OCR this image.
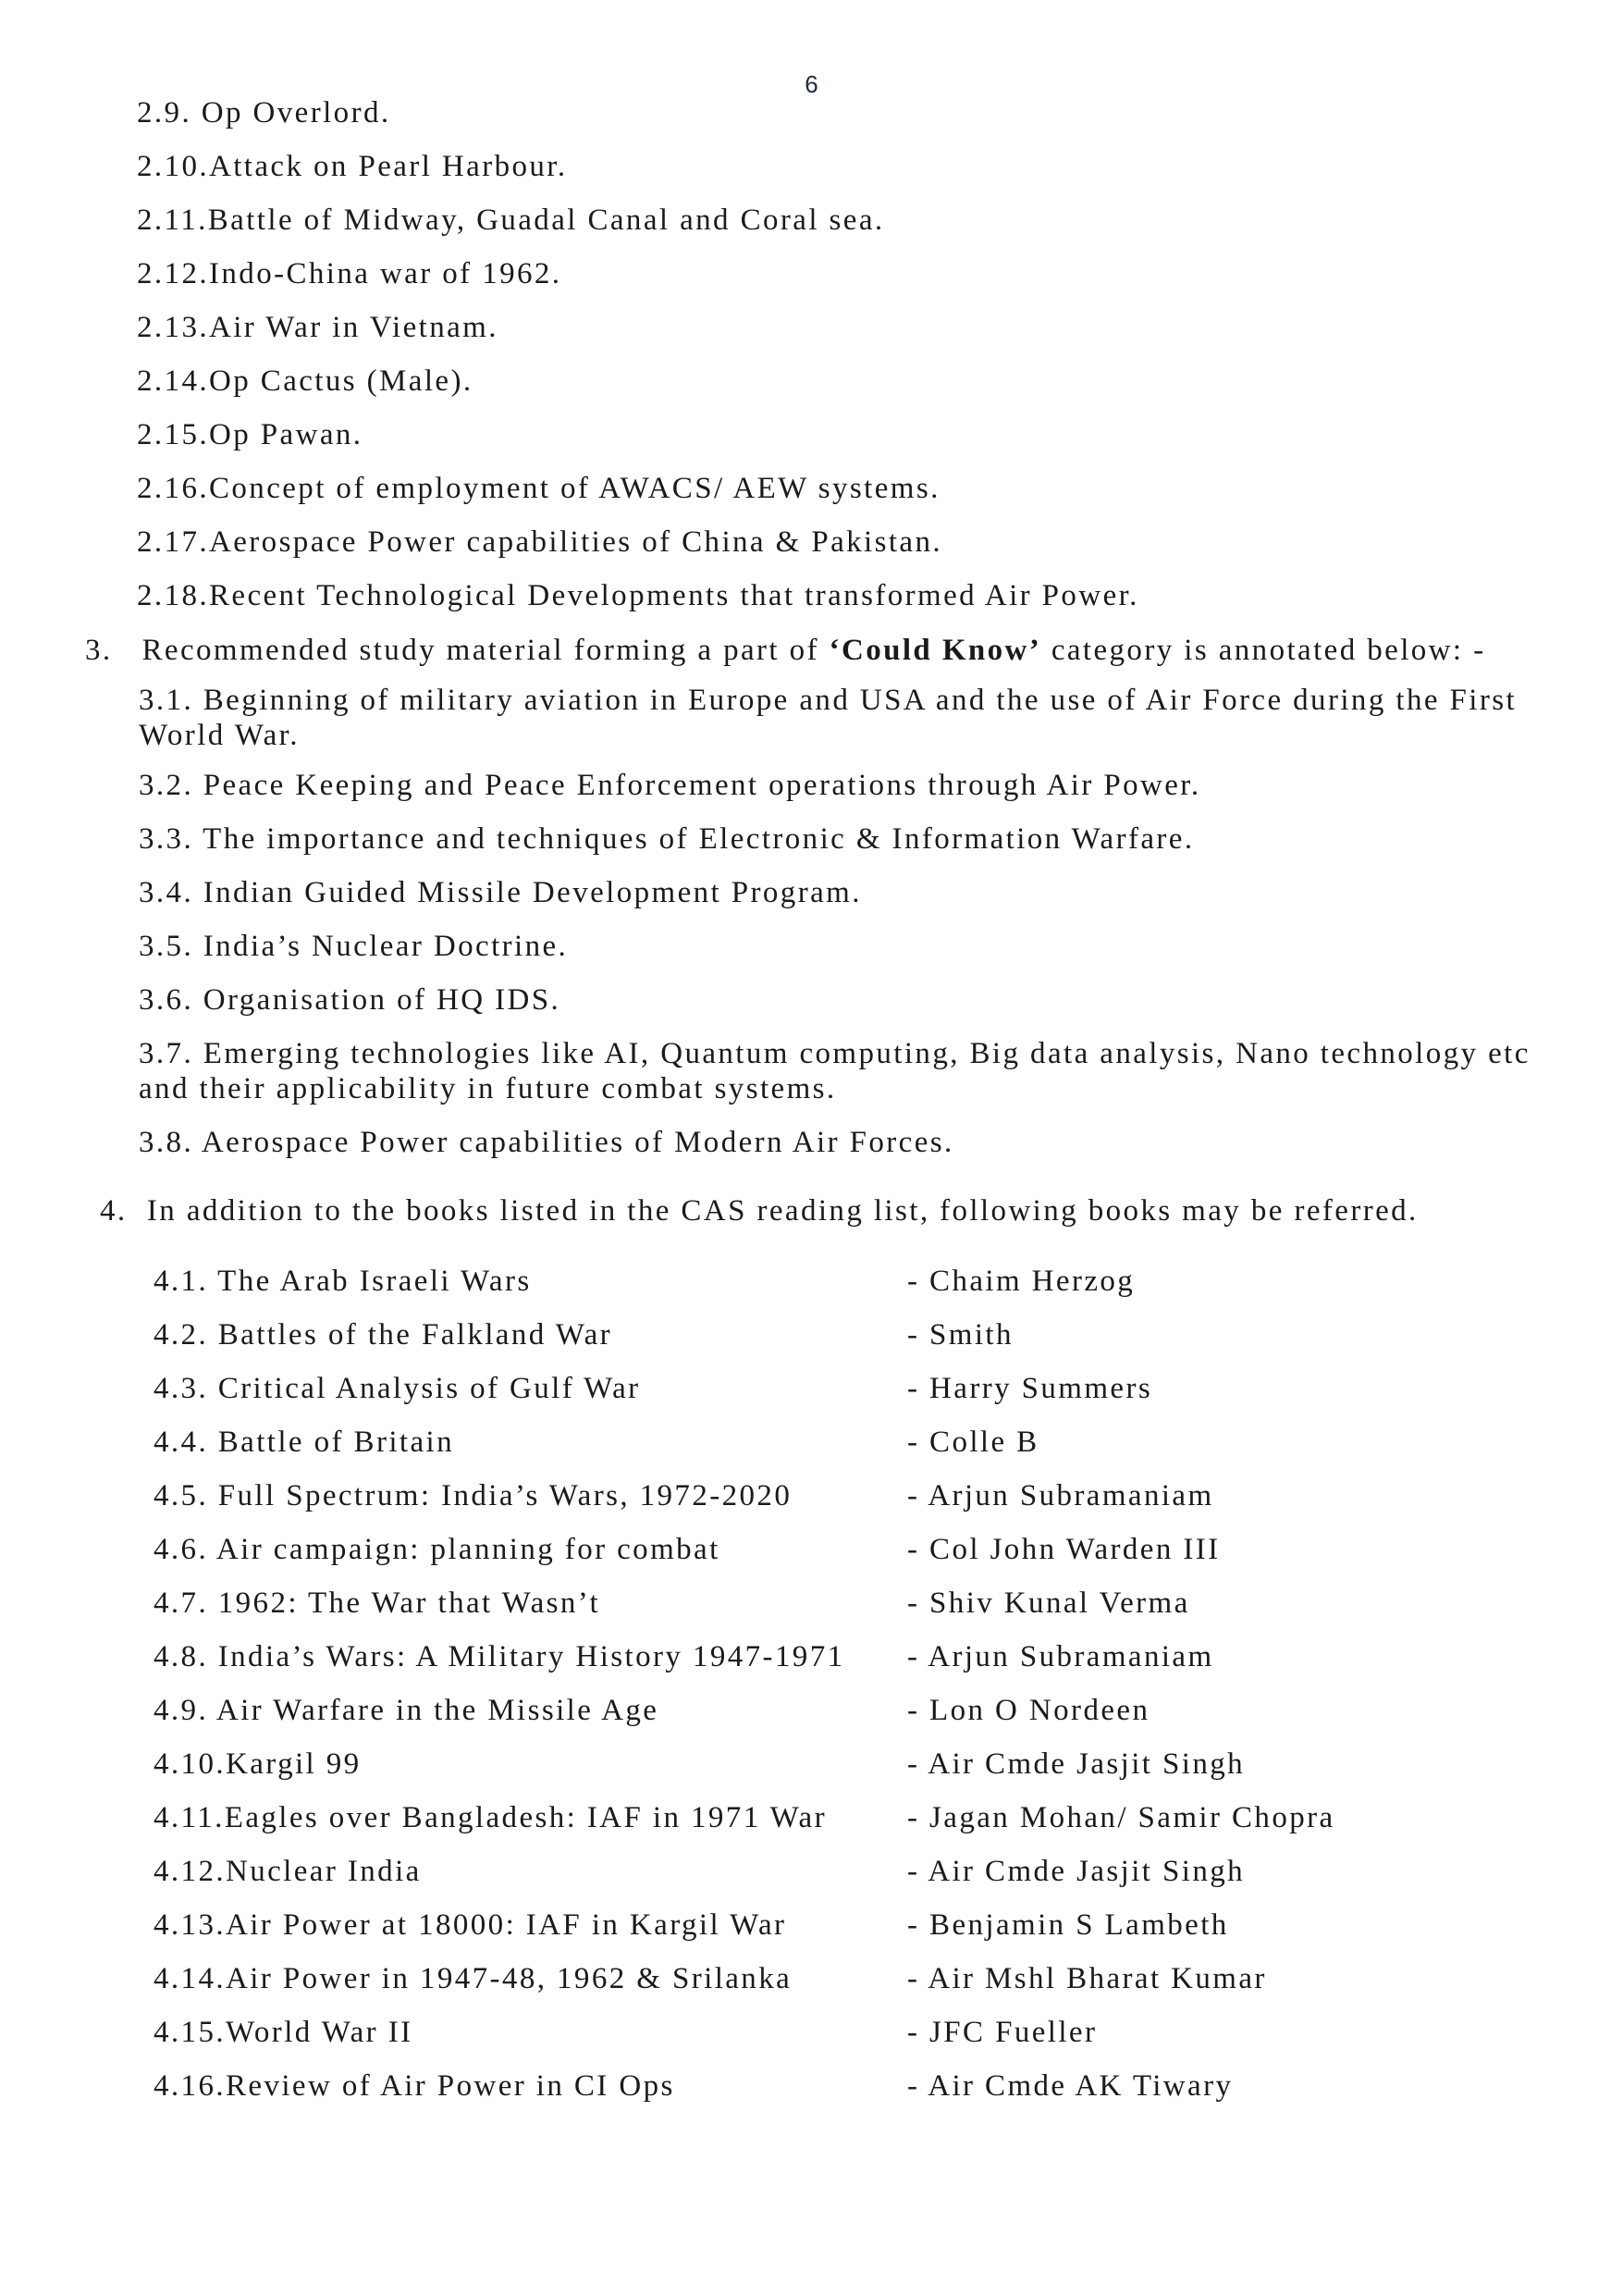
6
2.9. Op Overlord.
2.10.Attack on Pearl Harbour.
2.11.Battle of Midway, Guadal Canal and Coral sea.
2.12.Indo-China war of 1962.
2.13.Air War in Vietnam.
2.14.Op Cactus (Male).
2.15.Op Pawan.
2.16.Concept of employment of AWACS/ AEW systems.
2.17.Aerospace Power capabilities of China & Pakistan.
2.18.Recent Technological Developments that transformed Air Power.
3. Recommended study material forming a part of ‘Could Know’ category is annotated below: -
3.1. Beginning of military aviation in Europe and USA and the use of Air Force during the First World War.
3.2. Peace Keeping and Peace Enforcement operations through Air Power.
3.3. The importance and techniques of Electronic & Information Warfare.
3.4. Indian Guided Missile Development Program.
3.5. India’s Nuclear Doctrine.
3.6. Organisation of HQ IDS.
3.7. Emerging technologies like AI, Quantum computing, Big data analysis, Nano technology etc and their applicability in future combat systems.
3.8. Aerospace Power capabilities of Modern Air Forces.
4. In addition to the books listed in the CAS reading list, following books may be referred.
4.1. The Arab Israeli Wars	- Chaim Herzog
4.2. Battles of the Falkland War	- Smith
4.3. Critical Analysis of Gulf War	- Harry Summers
4.4. Battle of Britain	- Colle B
4.5. Full Spectrum: India’s Wars, 1972-2020	- Arjun Subramaniam
4.6. Air campaign: planning for combat	- Col John Warden III
4.7. 1962: The War that Wasn’t	- Shiv Kunal Verma
4.8. India’s Wars: A Military History 1947-1971 - Arjun Subramaniam
4.9. Air Warfare in the Missile Age	- Lon O Nordeen
4.10.Kargil 99	- Air Cmde Jasjit Singh
4.11.Eagles over Bangladesh: IAF in 1971 War	- Jagan Mohan/ Samir Chopra
4.12.Nuclear India	- Air Cmde Jasjit Singh
4.13.Air Power at 18000: IAF in Kargil War	- Benjamin S Lambeth
4.14.Air Power in 1947-48, 1962 & Srilanka	- Air Mshl Bharat Kumar
4.15.World War II	- JFC Fueller
4.16.Review of Air Power in CI Ops	- Air Cmde AK Tiwary
